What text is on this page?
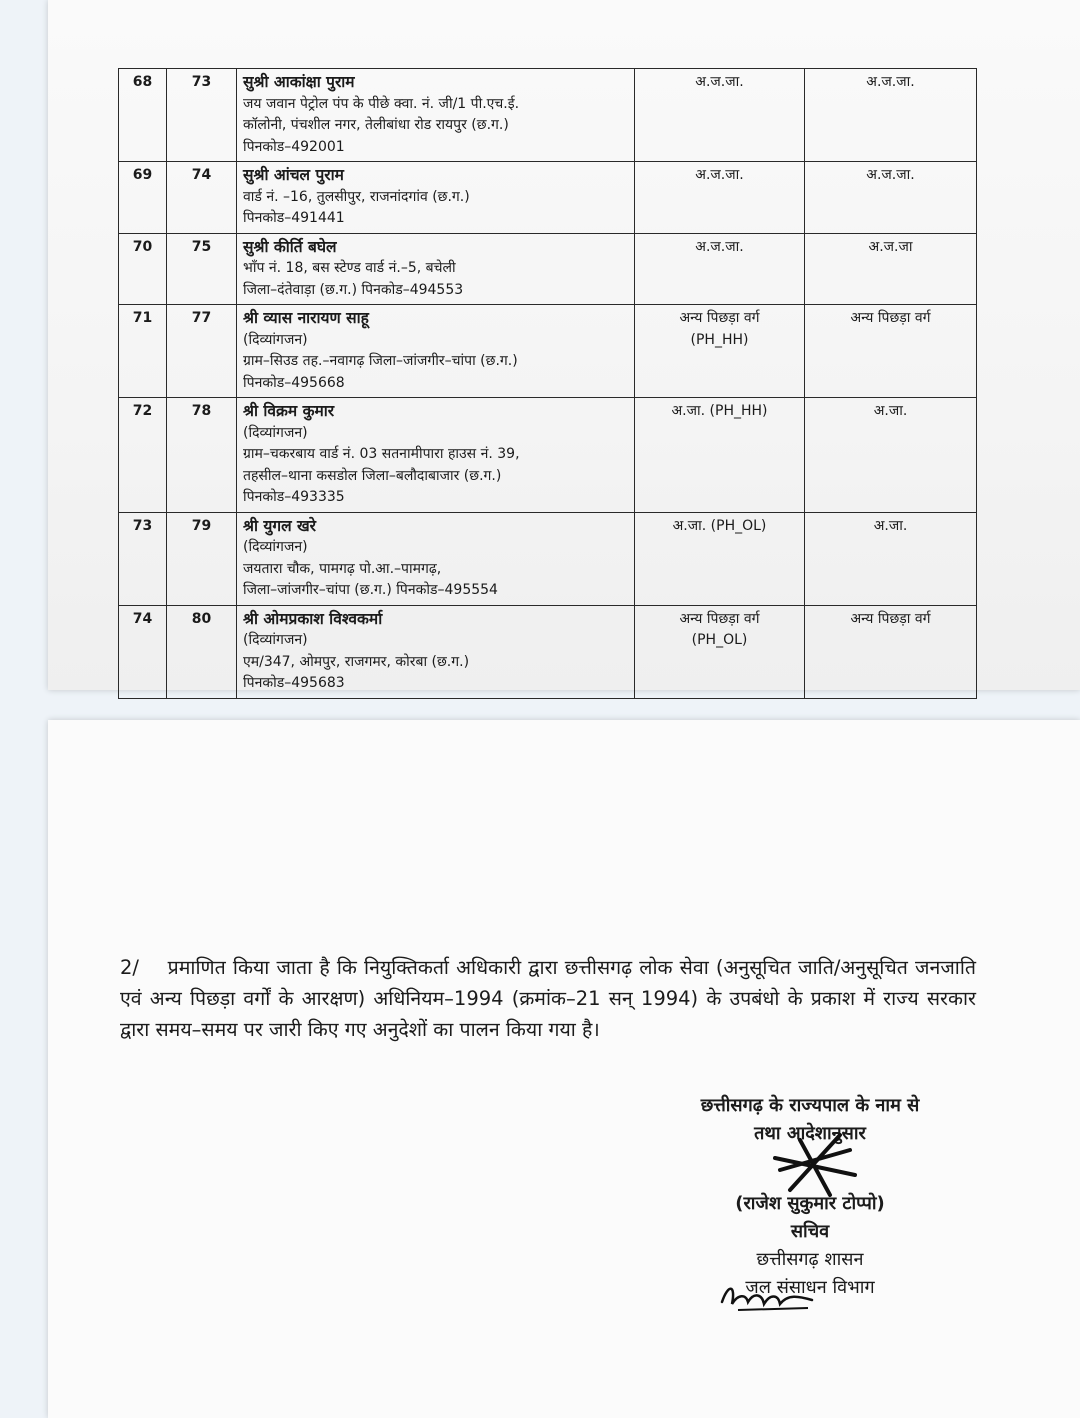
68	73	सुश्री आकांक्षा पुराम
जय जवान पेट्रोल पंप के पीछे क्वा. नं. जी/1 पी.एच.ई.
कॉलोनी, पंचशील नगर, तेलीबांधा रोड रायपुर (छ.ग.)
पिनकोड–492001	अ.ज.जा.	अ.ज.जा.

69	74	सुश्री आंचल पुराम
वार्ड नं. –16, तुलसीपुर, राजनांदगांव (छ.ग.)
पिनकोड–491441	अ.ज.जा.	अ.ज.जा.

70	75	सुश्री कीर्ति बघेल
भाँप नं. 18, बस स्टेण्ड वार्ड नं.–5, बचेली
जिला–दंतेवाड़ा (छ.ग.) पिनकोड–494553	अ.ज.जा.	अ.ज.जा

71	77	श्री व्यास नारायण साहू
(दिव्यांगजन)
ग्राम–सिउड तह.–नवागढ़ जिला–जांजगीर–चांपा (छ.ग.)
पिनकोड–495668	अन्य पिछड़ा वर्ग
(PH_HH)	अन्य पिछड़ा वर्ग

72	78	श्री विक्रम कुमार
(दिव्यांगजन)
ग्राम–चकरबाय वार्ड नं. 03 सतनामीपारा हाउस नं. 39,
तहसील–थाना कसडोल जिला–बलौदाबाजार (छ.ग.)
पिनकोड–493335	अ.जा. (PH_HH)	अ.जा.

73	79	श्री युगल खरे
(दिव्यांगजन)
जयतारा चौक, पामगढ़ पो.आ.–पामगढ़,
जिला–जांजगीर–चांपा (छ.ग.) पिनकोड–495554	अ.जा. (PH_OL)	अ.जा.

74	80	श्री ओमप्रकाश विश्वकर्मा
(दिव्यांगजन)
एम/347, ओमपुर, राजगमर, कोरबा (छ.ग.)
पिनकोड–495683	अन्य पिछड़ा वर्ग
(PH_OL)	अन्य पिछड़ा वर्ग
2/ प्रमाणित किया जाता है कि नियुक्तिकर्ता अधिकारी द्वारा छत्तीसगढ़ लोक सेवा (अनुसूचित जाति/अनुसूचित जनजाति एवं अन्य पिछड़ा वर्गों के आरक्षण) अधिनियम–1994 (क्रमांक–21 सन् 1994) के उपबंधो के प्रकाश में राज्य सरकार द्वारा समय–समय पर जारी किए गए अनुदेशों का पालन किया गया है।
छत्तीसगढ़ के राज्यपाल के नाम से
तथा आदेशानुसार
(राजेश सुकुमार टोप्पो)
सचिव
छत्तीसगढ़ शासन
जल संसाधन विभाग
